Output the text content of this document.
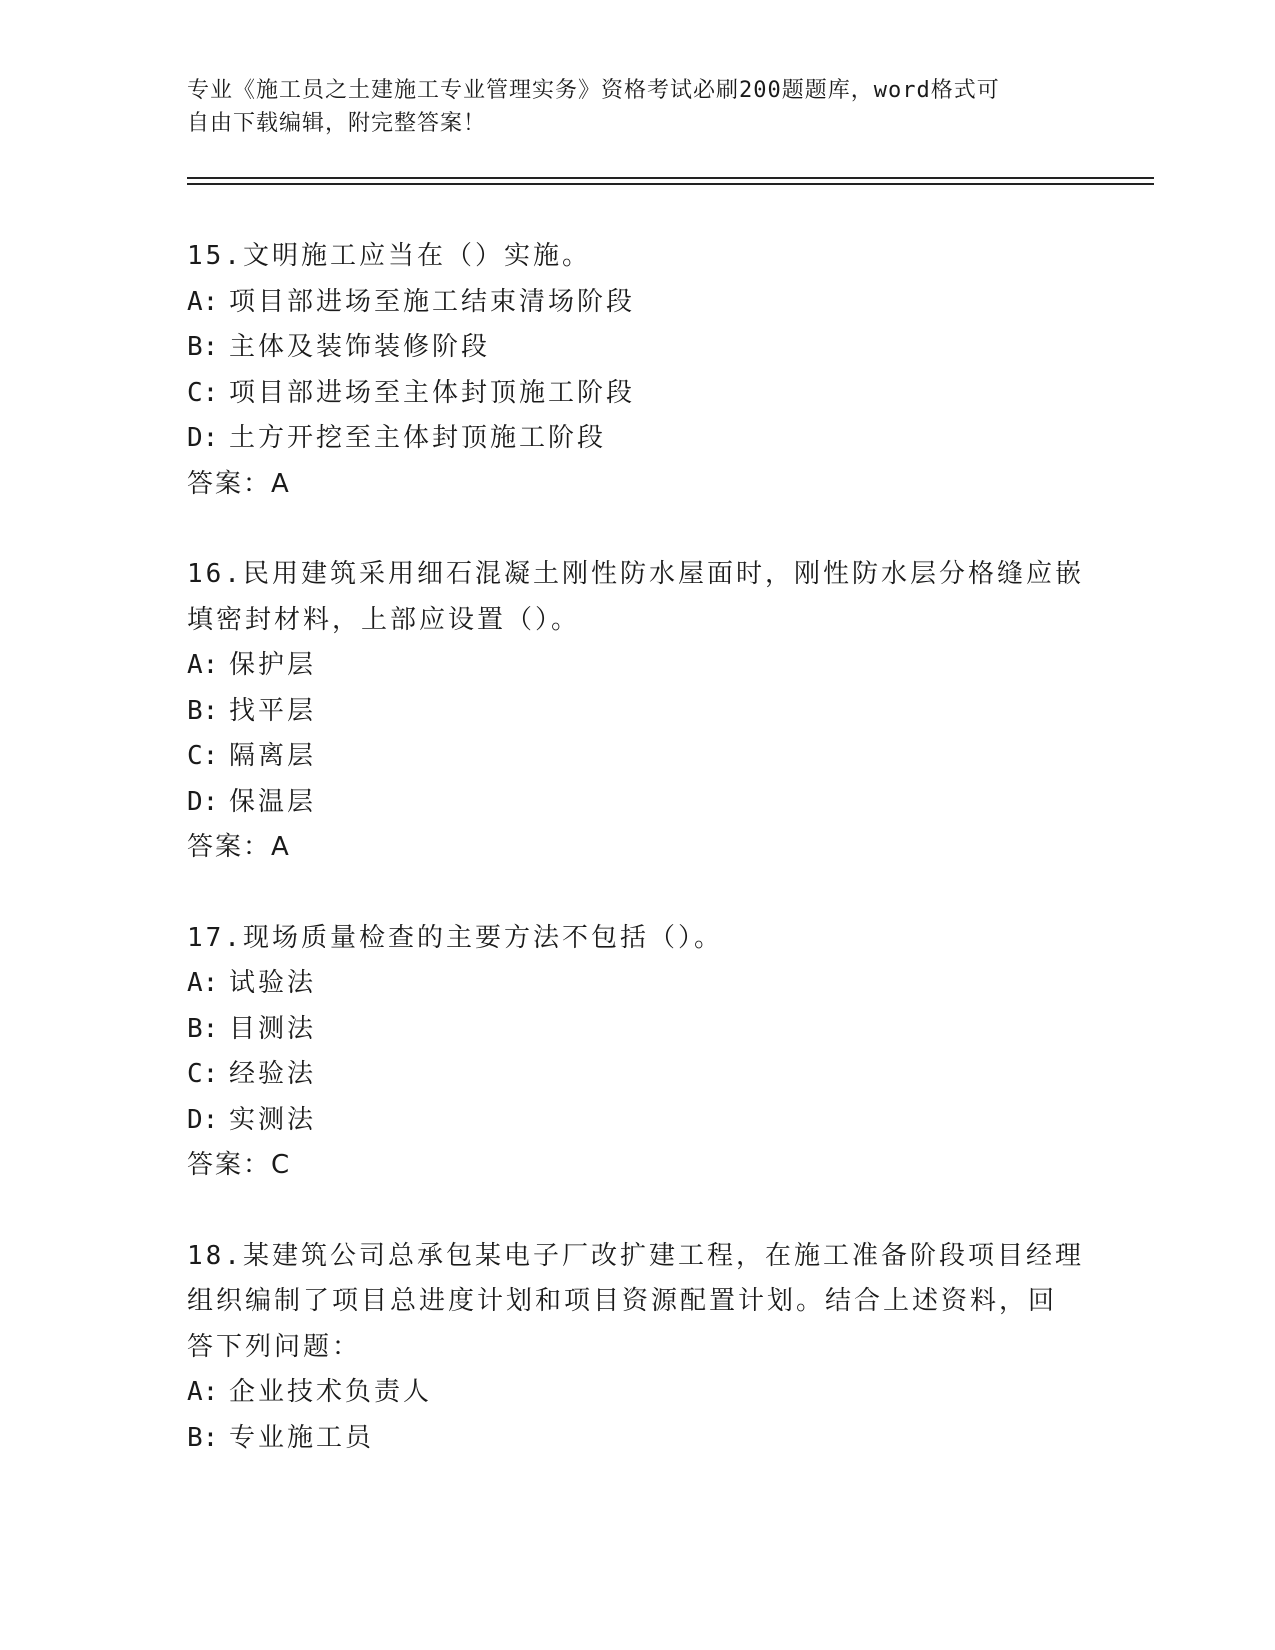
专业《施工员之土建施工专业管理实务》资格考试必刷200题题库，word格式可
自由下载编辑，附完整答案！
15.文明施工应当在（）实施。
A: 项目部进场至施工结束清场阶段
B: 主体及装饰装修阶段
C: 项目部进场至主体封顶施工阶段
D: 土方开挖至主体封顶施工阶段
答案：A
16.民用建筑采用细石混凝土刚性防水屋面时，刚性防水层分格缝应嵌
填密封材料，上部应设置（）。
A: 保护层
B: 找平层
C: 隔离层
D: 保温层
答案：A
17.现场质量检查的主要方法不包括（）。
A: 试验法
B: 目测法
C: 经验法
D: 实测法
答案：C
18.某建筑公司总承包某电子厂改扩建工程，在施工准备阶段项目经理
组织编制了项目总进度计划和项目资源配置计划。结合上述资料，回
答下列问题：
A: 企业技术负责人
B: 专业施工员
